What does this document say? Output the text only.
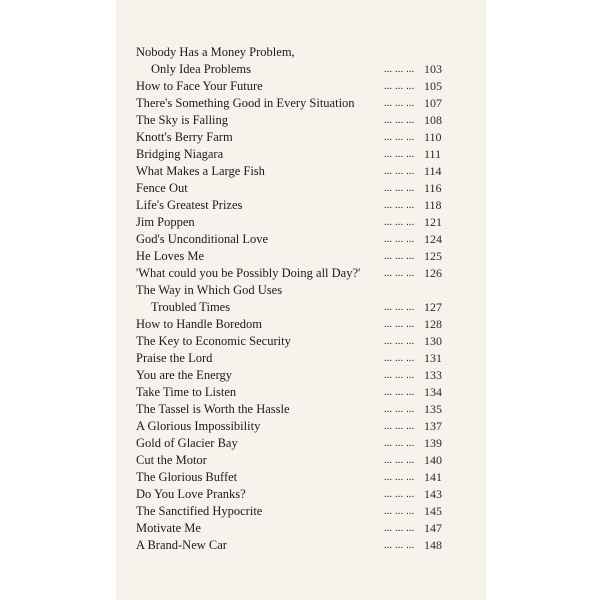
Nobody Has a Money Problem,
Only Idea Problems	... ... ... 103
How to Face Your Future	... ... ... 105
There's Something Good in Every Situation	... ... ... 107
The Sky is Falling	... ... ... 108
Knott's Berry Farm	... ... ... 110
Bridging Niagara	... ... ... 111
What Makes a Large Fish	... ... ... 114
Fence Out	... ... ... 116
Life's Greatest Prizes	... ... ... 118
Jim Poppen	... ... ... 121
God's Unconditional Love	... ... ... 124
He Loves Me	... ... ... 125
'What could you be Possibly Doing all Day?' ... ... ... 126
The Way in Which God Uses
Troubled Times	... ... ... 127
How to Handle Boredom	... ... ... 128
The Key to Economic Security	... ... ... 130
Praise the Lord	... ... ... 131
You are the Energy	... ... ... 133
Take Time to Listen	... ... ... 134
The Tassel is Worth the Hassle	... ... ... 135
A Glorious Impossibility	... ... ... 137
Gold of Glacier Bay	... ... ... 139
Cut the Motor	... ... ... 140
The Glorious Buffet	... ... ... 141
Do You Love Pranks?	... ... ... 143
The Sanctified Hypocrite	... ... ... 145
Motivate Me	... ... ... 147
A Brand-New Car	... ... ... 148
